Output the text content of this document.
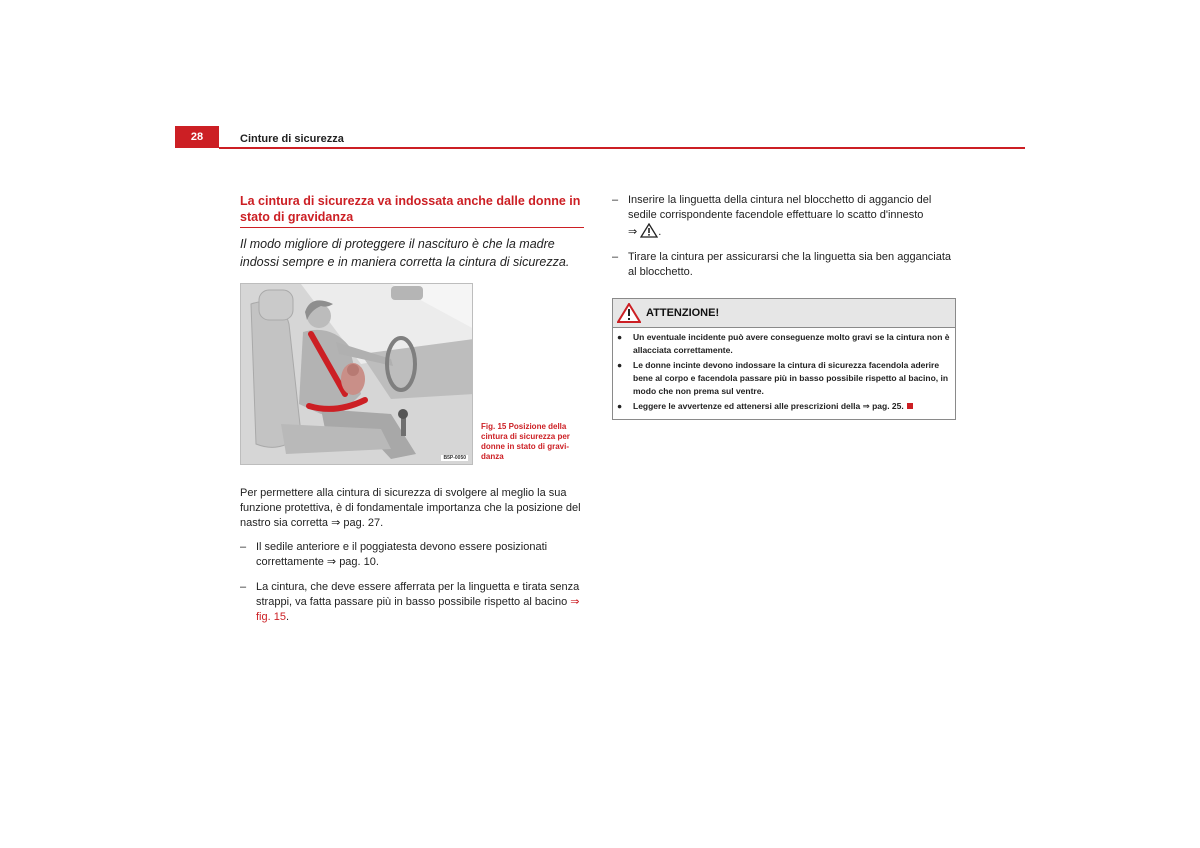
28	Cinture di sicurezza
La cintura di sicurezza va indossata anche dalle donne in stato di gravidanza
Il modo migliore di proteggere il nascituro è che la madre indossi sempre e in maniera corretta la cintura di sicurezza.
B5P-0050
Fig. 15 Posizione della cintura di sicurezza per donne in stato di gravi-danza

Per permettere alla cintura di sicurezza di svolgere al meglio la sua funzione protettiva, è di fondamentale importanza che la posizione del nastro sia corretta ⇒ pag. 27.

– Il sedile anteriore e il poggiatesta devono essere posizionati correttamente ⇒ pag. 10.
– La cintura, che deve essere afferrata per la linguetta e tirata senza strappi, va fatta passare più in basso possibile rispetto al bacino ⇒ fig. 15.
– Inserire la linguetta della cintura nel blocchetto di aggancio del sedile corrispondente facendole effettuare lo scatto d'innesto
⇒ .
– Tirare la cintura per assicurarsi che la linguetta sia ben agganciata al blocchetto.
ATTENZIONE!
● Un eventuale incidente può avere conseguenze molto gravi se la cintura non è allacciata correttamente.
● Le donne incinte devono indossare la cintura di sicurezza facendola aderire bene al corpo e facendola passare più in basso possibile rispetto al bacino, in modo che non prema sul ventre.
● Leggere le avvertenze ed attenersi alle prescrizioni della ⇒ pag. 25.
